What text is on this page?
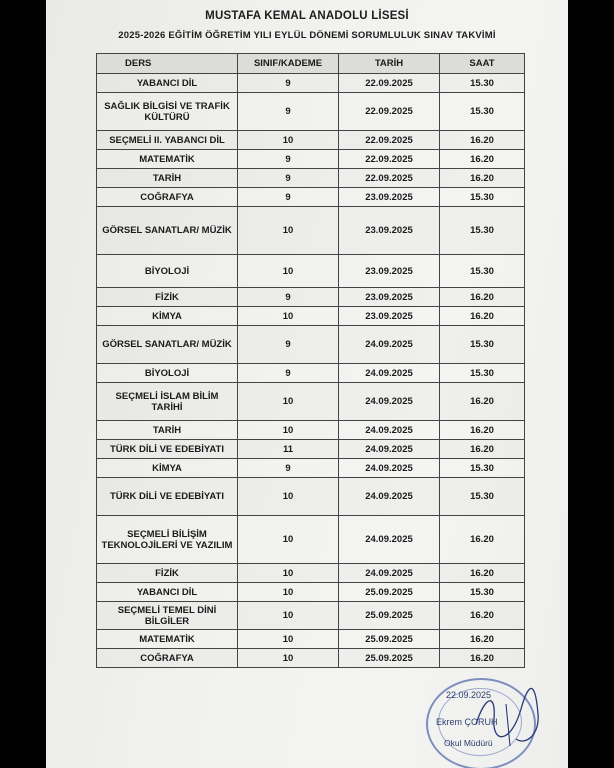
MUSTAFA KEMAL ANADOLU LİSESİ
2025-2026 EĞİTİM ÖĞRETİM YILI EYLÜL DÖNEMİ SORUMLULUK SINAV TAKVİMİ
DERS	SINIF/KADEME	TARİH	SAAT
YABANCI DİL	9	22.09.2025	15.30
SAĞLIK BİLGİSİ VE TRAFİK KÜLTÜRÜ	9	22.09.2025	15.30
SEÇMELİ II. YABANCI DİL	10	22.09.2025	16.20
MATEMATİK	9	22.09.2025	16.20
TARİH	9	22.09.2025	16.20
COĞRAFYA	9	23.09.2025	15.30
GÖRSEL SANATLAR/ MÜZİK	10	23.09.2025	15.30
BİYOLOJİ	10	23.09.2025	15.30
FİZİK	9	23.09.2025	16.20
KİMYA	10	23.09.2025	16.20
GÖRSEL SANATLAR/ MÜZİK	9	24.09.2025	15.30
BİYOLOJİ	9	24.09.2025	15.30
SEÇMELİ İSLAM BİLİM TARİHİ	10	24.09.2025	16.20
TARİH	10	24.09.2025	16.20
TÜRK DİLİ VE EDEBİYATI	11	24.09.2025	16.20
KİMYA	9	24.09.2025	15.30
TÜRK DİLİ VE EDEBİYATI	10	24.09.2025	15.30
SEÇMELİ BİLİŞİM TEKNOLOJİLERİ VE YAZILIM	10	24.09.2025	16.20
FİZİK	10	24.09.2025	16.20
YABANCI DİL	10	25.09.2025	15.30
SEÇMELİ TEMEL DİNİ BİLGİLER	10	25.09.2025	16.20
MATEMATİK	10	25.09.2025	16.20
COĞRAFYA	10	25.09.2025	16.20
22.09.2025
Ekrem ÇORUH
Okul Müdürü
